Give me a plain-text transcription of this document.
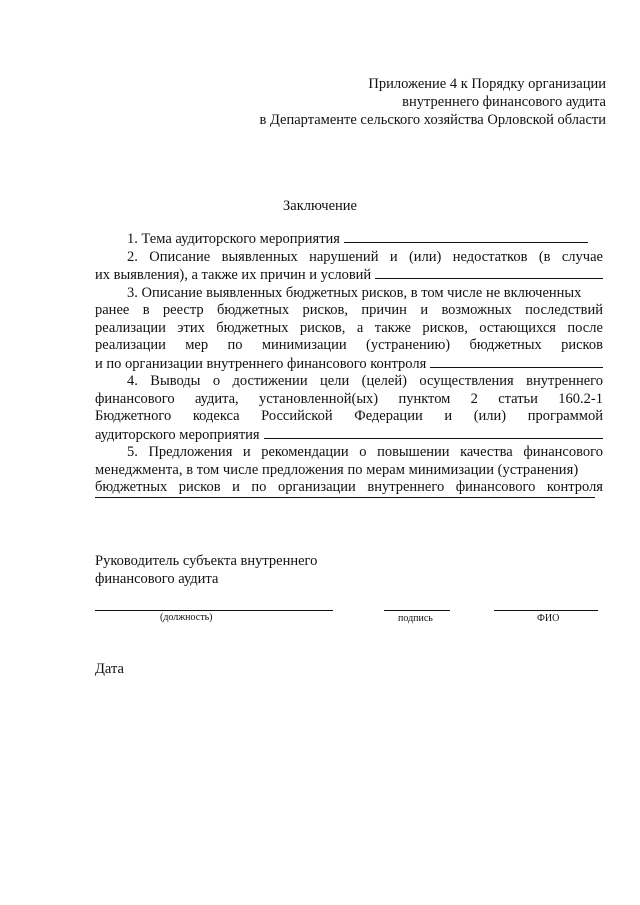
Приложение 4 к Порядку организации
внутреннего финансового аудита
в Департаменте сельского хозяйства Орловской области
Заключение
1. Тема аудиторского мероприятия
2. Описание выявленных нарушений и (или) недостатков (в случае
их выявления), а также их причин и условий
3. Описание выявленных бюджетных рисков, в том числе не включенных
ранее в реестр бюджетных рисков, причин и возможных последствий
реализации этих бюджетных рисков, а также рисков, остающихся после
реализации мер по минимизации (устранению) бюджетных рисков
и по организации внутреннего финансового контроля
4. Выводы о достижении цели (целей) осуществления внутреннего
финансового аудита, установленной(ых) пунктом 2 статьи 160.2-1
Бюджетного кодекса Российской Федерации и (или) программой
аудиторского мероприятия
5. Предложения и рекомендации о повышении качества финансового
менеджмента, в том числе предложения по мерам минимизации (устранения)
бюджетных рисков и по организации внутреннего финансового контроля
Руководитель субъекта внутреннего
финансового аудита
(должность)	подпись	ФИО
Дата
